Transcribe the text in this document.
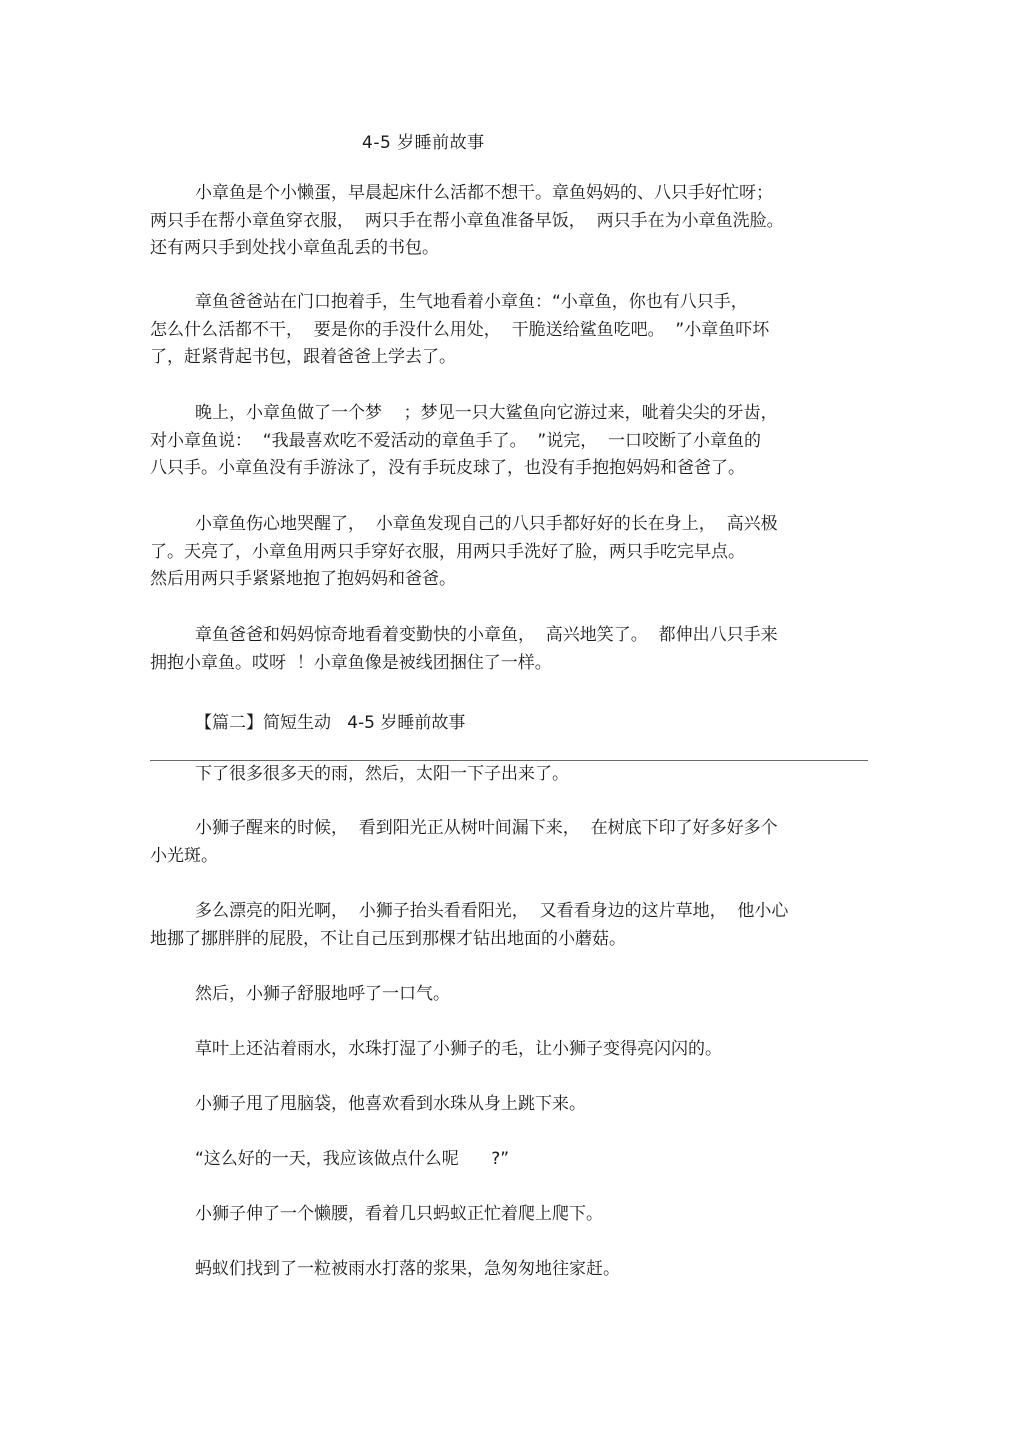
4-5 岁睡前故事
小章鱼是个小懒蛋，早晨起床什么活都不想干。章鱼妈妈的、八只手好忙呀；
两只手在帮小章鱼穿衣服，  两只手在帮小章鱼准备早饭，  两只手在为小章鱼洗脸。
还有两只手到处找小章鱼乱丢的书包。
章鱼爸爸站在门口抱着手，生气地看着小章鱼：“小章鱼，你也有八只手，
怎么什么活都不干，  要是你的手没什么用处，  干脆送给鲨鱼吃吧。  ”小章鱼吓坏
了，赶紧背起书包，跟着爸爸上学去了。
晚上，小章鱼做了一个梦    ；梦见一只大鲨鱼向它游过来，呲着尖尖的牙齿，
对小章鱼说：  “我最喜欢吃不爱活动的章鱼手了。  ”说完，  一口咬断了小章鱼的
八只手。小章鱼没有手游泳了，没有手玩皮球了，也没有手抱抱妈妈和爸爸了。
小章鱼伤心地哭醒了，  小章鱼发现自己的八只手都好好的长在身上，  高兴极
了。天亮了，小章鱼用两只手穿好衣服，用两只手洗好了脸，两只手吃完早点。
然后用两只手紧紧地抱了抱妈妈和爸爸。
章鱼爸爸和妈妈惊奇地看着变勤快的小章鱼，  高兴地笑了。  都伸出八只手来
拥抱小章鱼。哎呀  ！小章鱼像是被线团捆住了一样。
【篇二】简短生动   4-5 岁睡前故事
下了很多很多天的雨，然后，太阳一下子出来了。
小狮子醒来的时候，  看到阳光正从树叶间漏下来，  在树底下印了好多好多个
小光斑。
多么漂亮的阳光啊，  小狮子抬头看看阳光，  又看看身边的这片草地，  他小心
地挪了挪胖胖的屁股，不让自己压到那棵才钻出地面的小蘑菇。
然后，小狮子舒服地呼了一口气。
草叶上还沾着雨水，水珠打湿了小狮子的毛，让小狮子变得亮闪闪的。
小狮子甩了甩脑袋，他喜欢看到水珠从身上跳下来。
“这么好的一天，我应该做点什么呢      ?”
小狮子伸了一个懒腰，看着几只蚂蚁正忙着爬上爬下。
蚂蚁们找到了一粒被雨水打落的浆果，急匆匆地往家赶。
